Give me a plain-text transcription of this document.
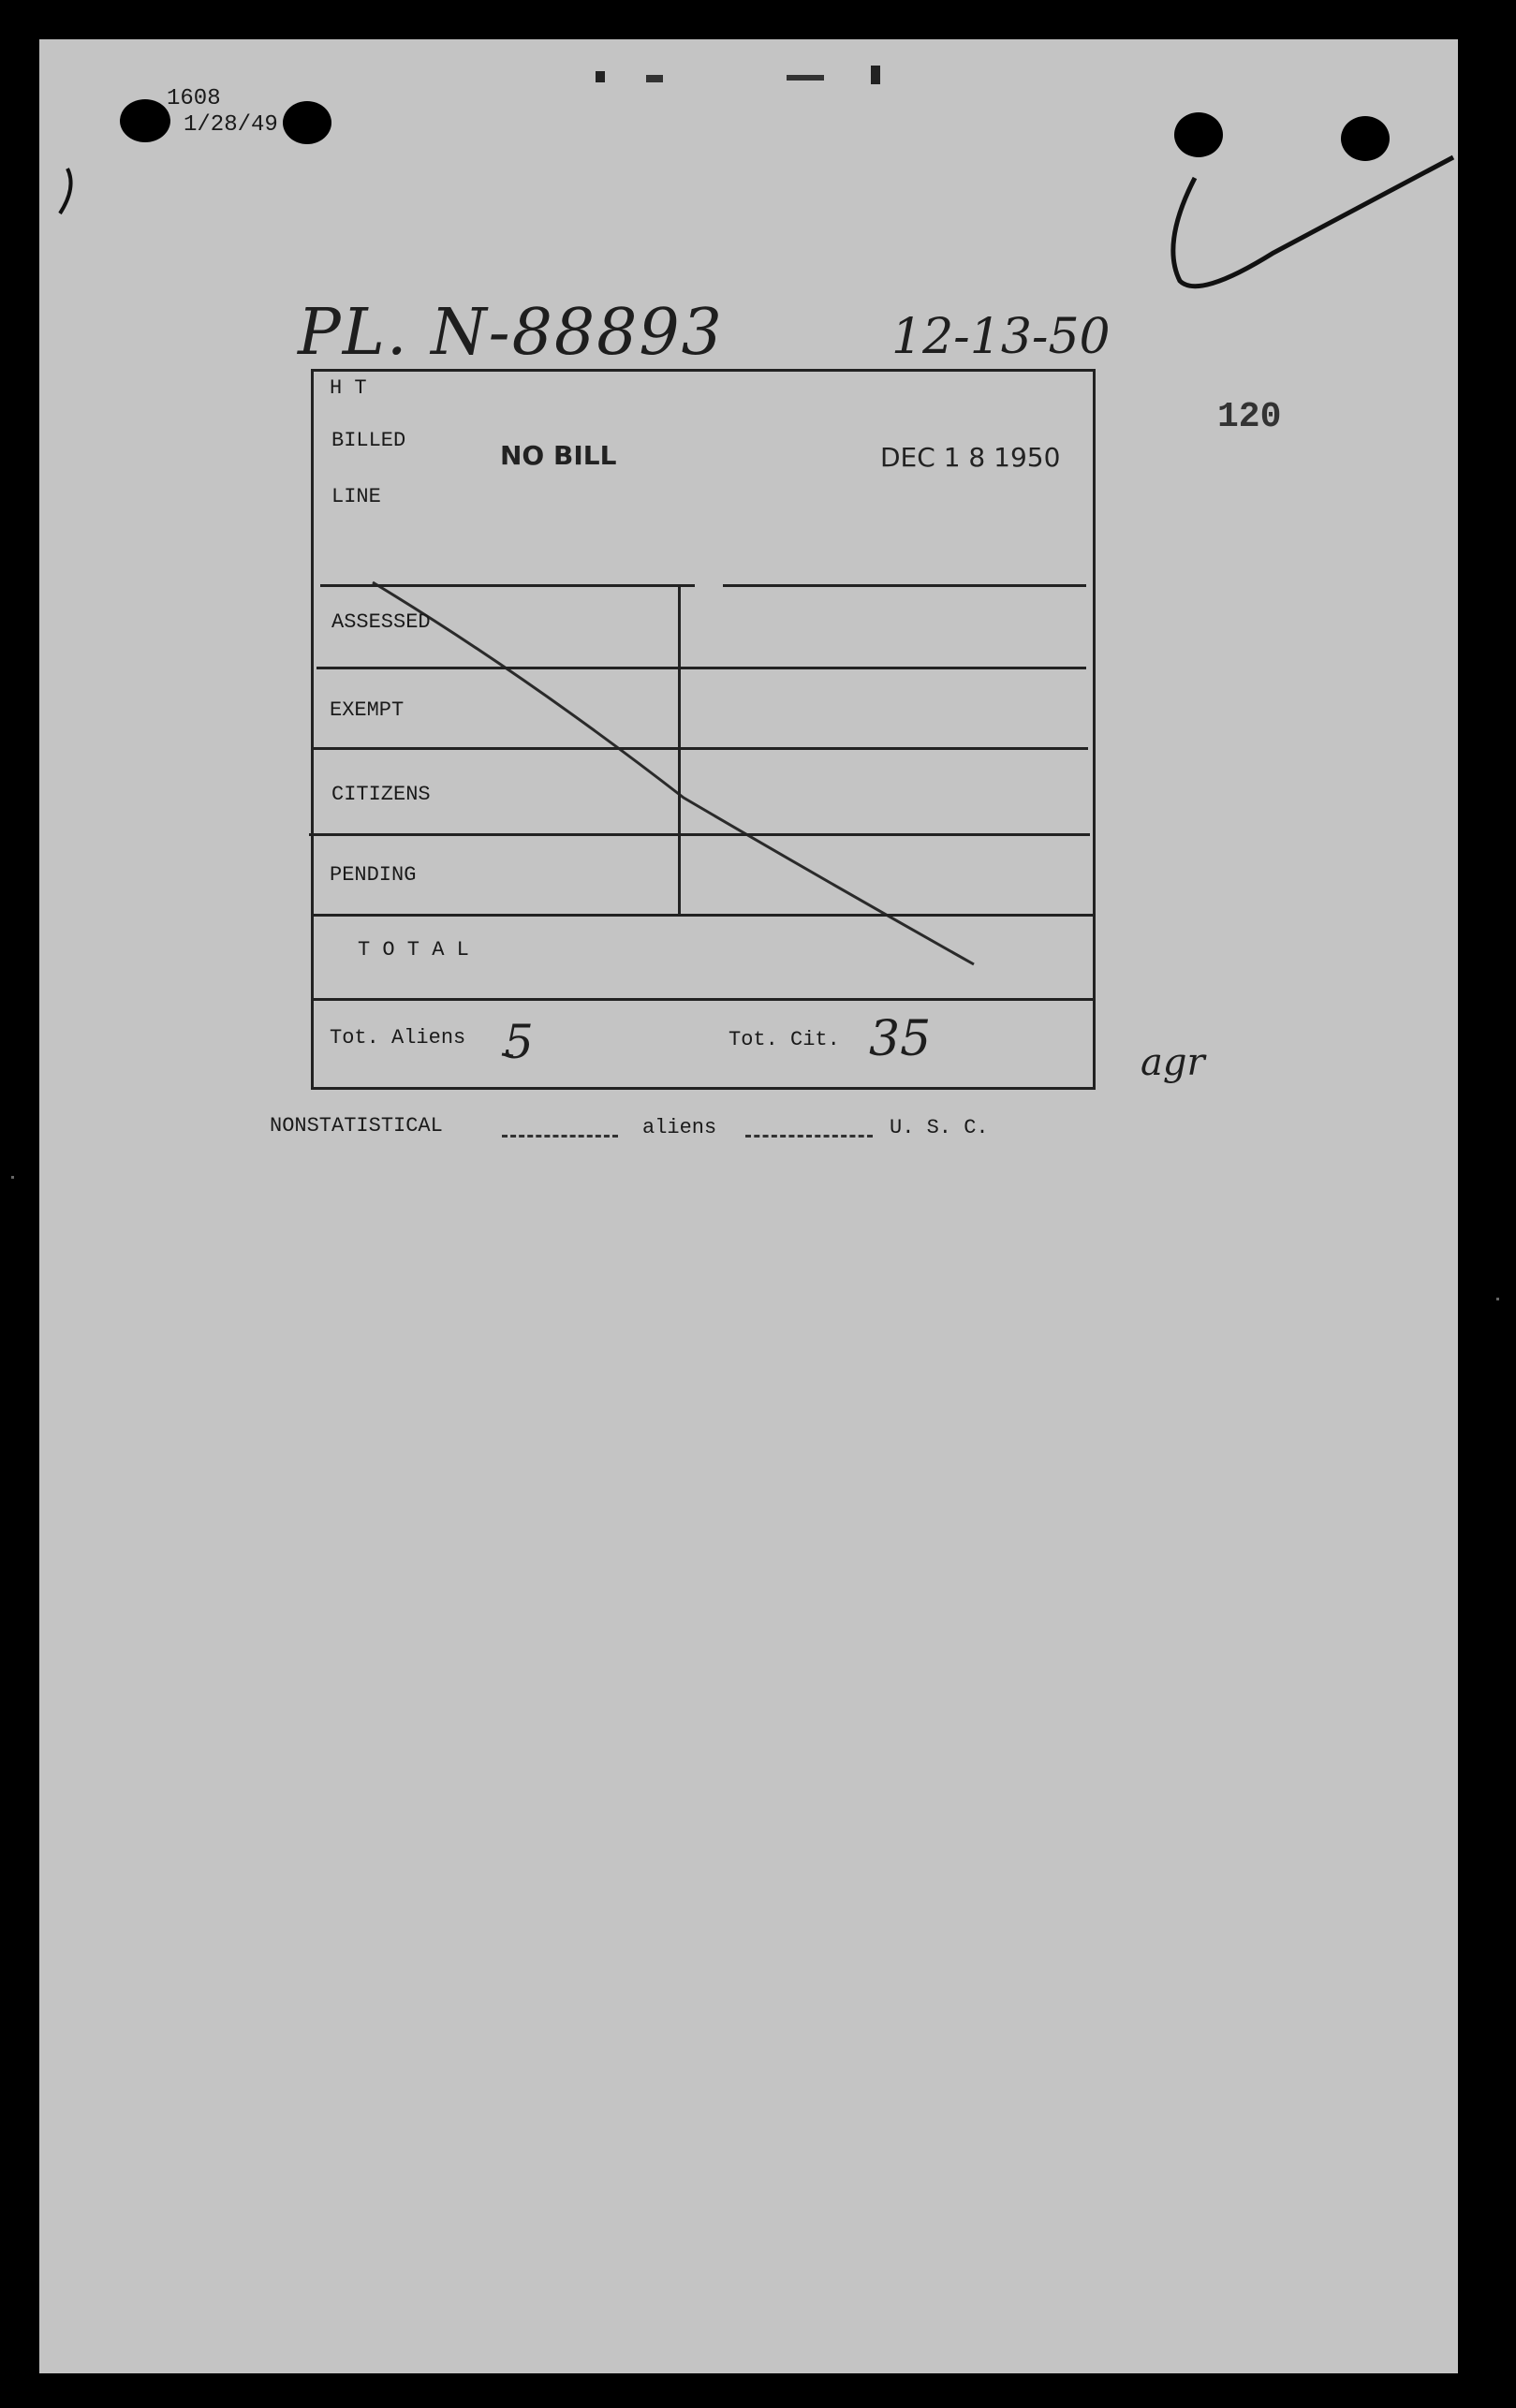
1608
1/28/49
PL. N-88893	12-13-50
120
H T
BILLED
LINE
NO BILL	DEC 1 8 1950
ASSESSED
EXEMPT
CITIZENS
PENDING
T O T A L
Tot. Aliens 5	Tot. Cit. 35	agr
NONSTATISTICAL	aliens	U. S. C.
